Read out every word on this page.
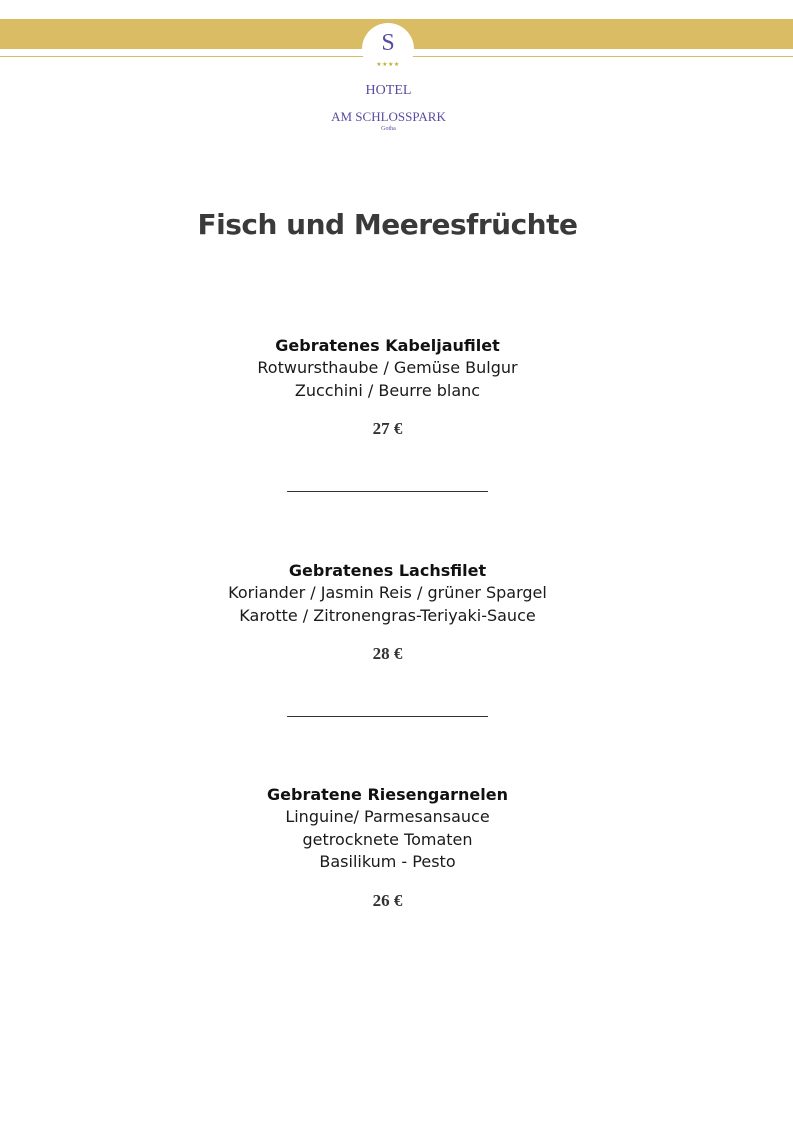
S
★★★★
HOTEL
AM SCHLOSSPARK
Gotha
Fisch und Meeresfrüchte
Gebratenes Kabeljaufilet
Rotwursthaube / Gemüse Bulgur
Zucchini / Beurre blanc
27 €
Gebratenes Lachsfilet
Koriander / Jasmin Reis / grüner Spargel
Karotte / Zitronengras-Teriyaki-Sauce
28 €
Gebratene Riesengarnelen
Linguine/ Parmesansauce
getrocknete Tomaten
Basilikum - Pesto
26 €
